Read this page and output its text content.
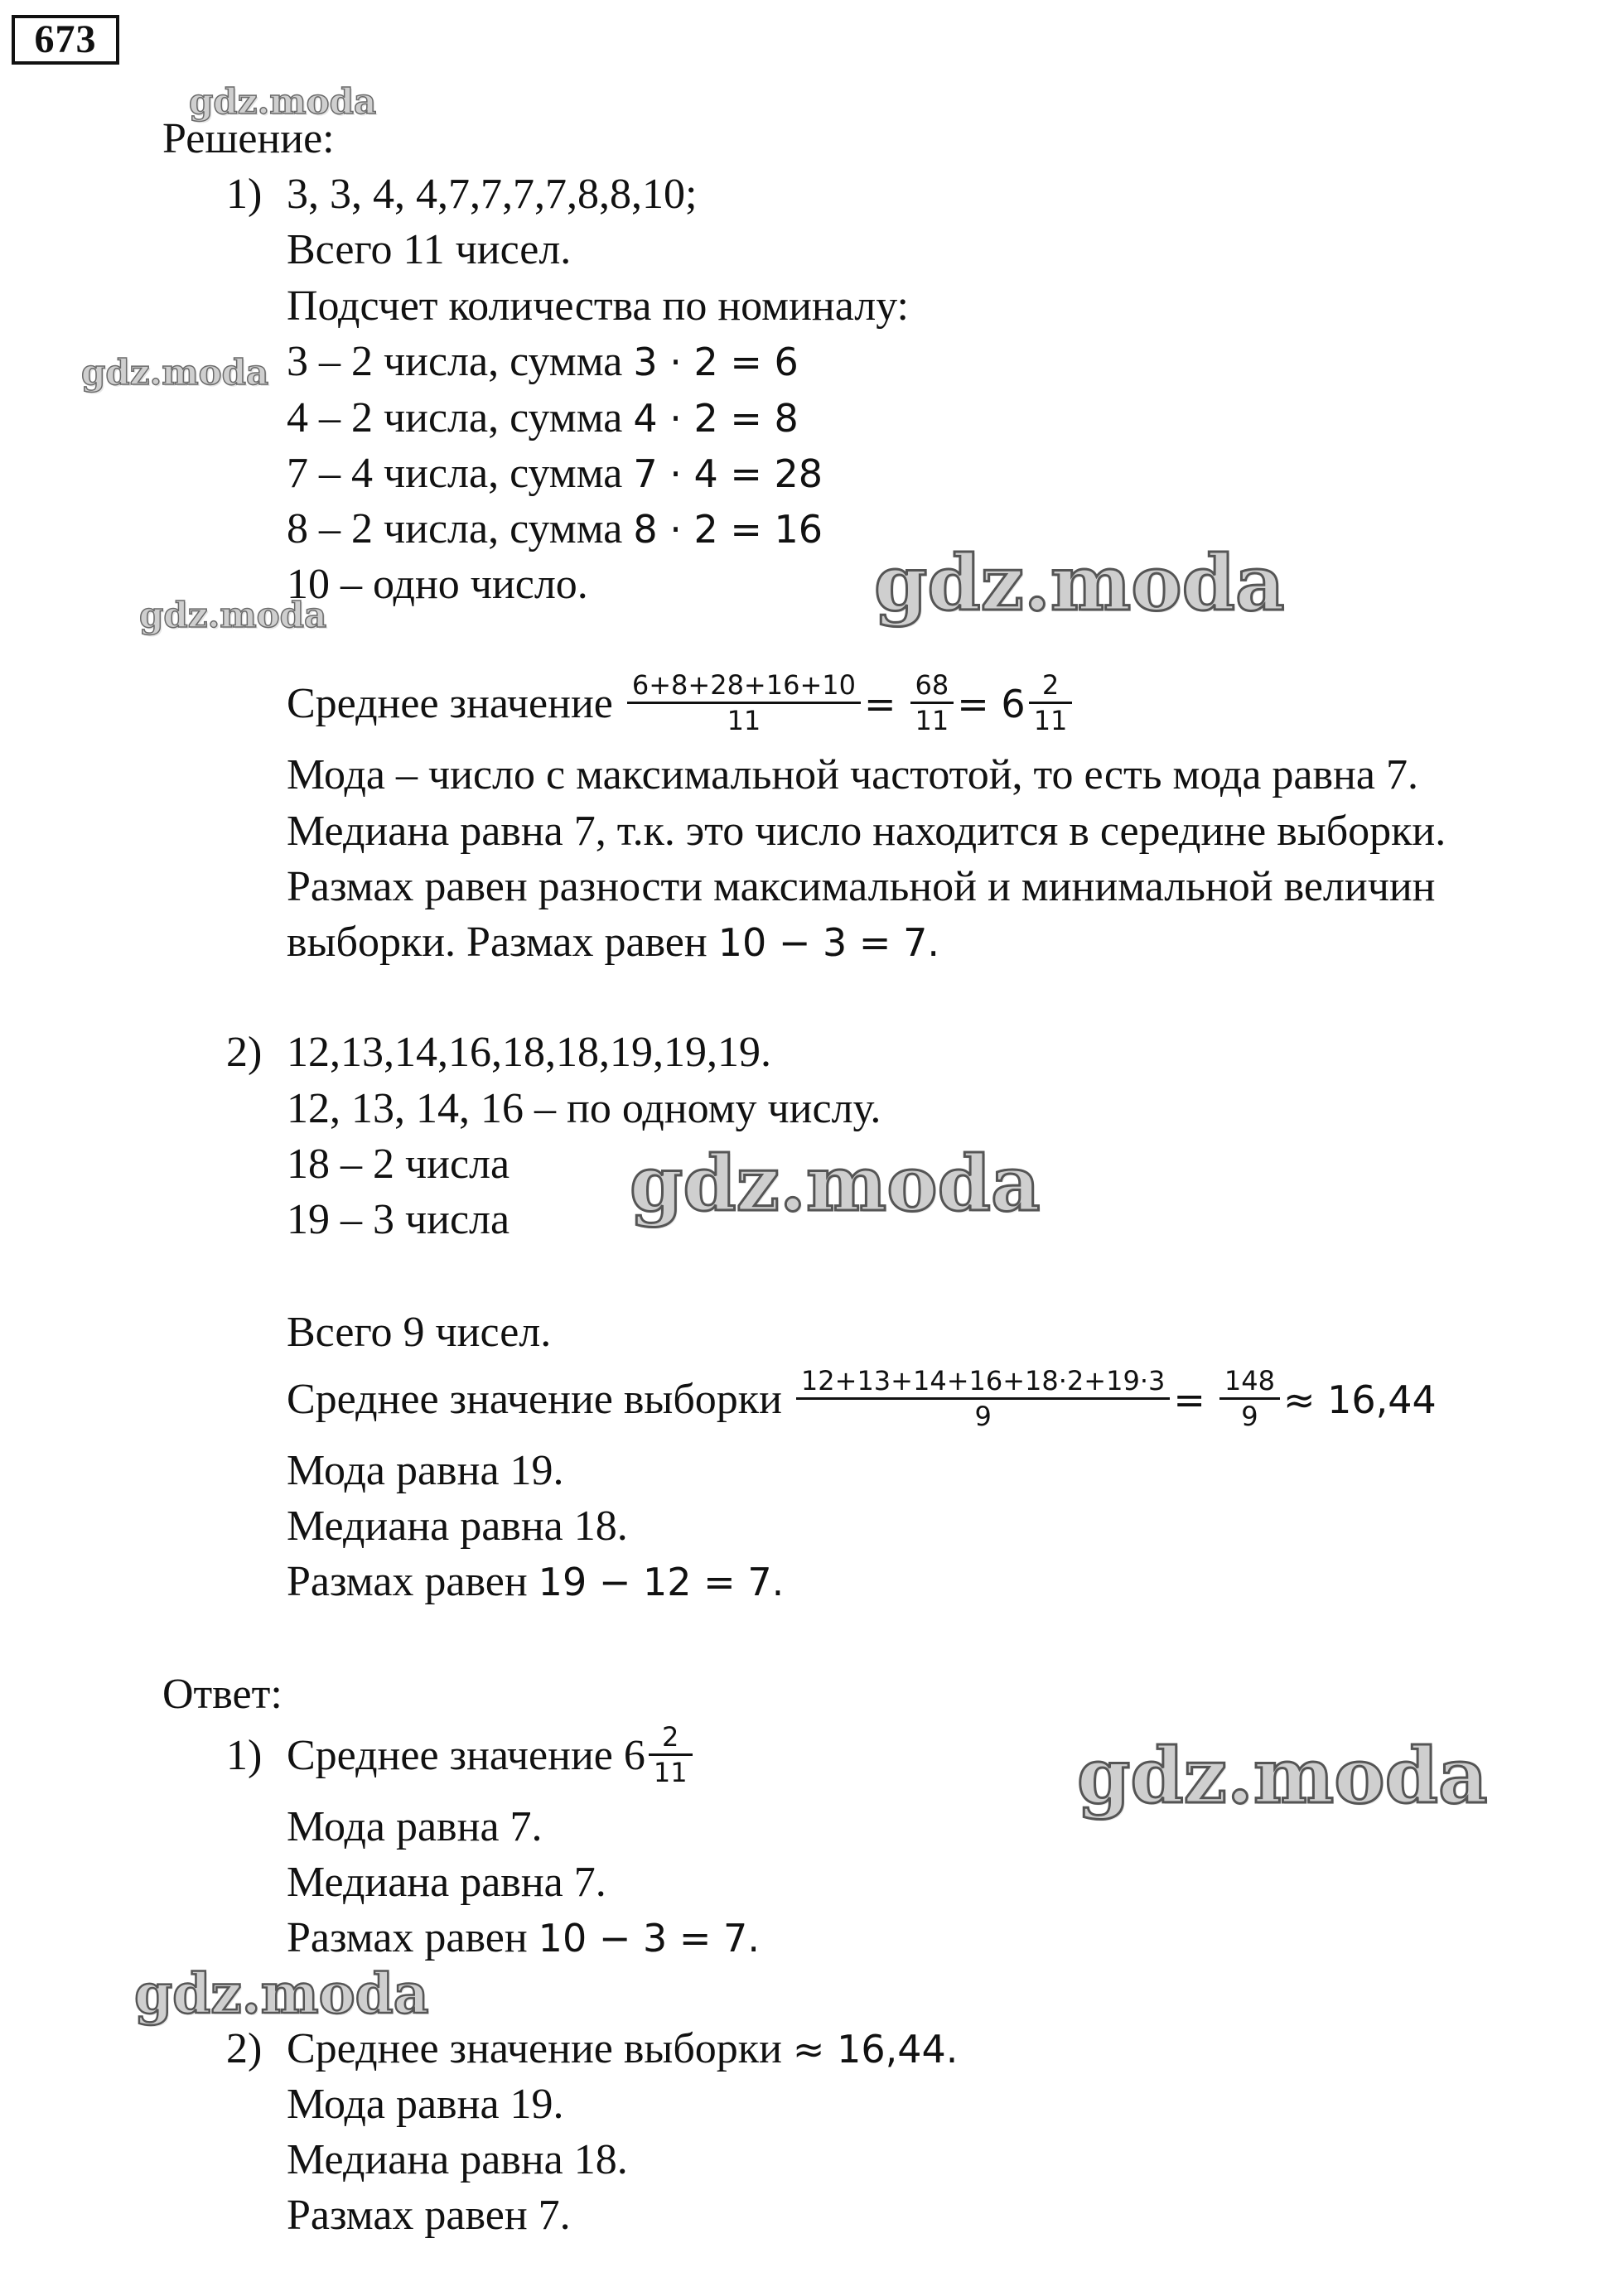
673
gdz.moda
gdz.moda
gdz.moda	gdz.moda
gdz.moda
gdz.moda
gdz.moda
Решение:
1) 3, 3, 4, 4,7,7,7,7,8,8,10;
Всего 11 чисел.
Подсчет количества по номиналу:
3 – 2 числа, сумма 3 · 2 = 6
4 – 2 числа, сумма 4 · 2 = 8
7 – 4 числа, сумма 7 · 4 = 28
8 – 2 числа, сумма 8 · 2 = 16
10 – одно число.
Среднее значение $\frac{6+8+28+16+10}{11} = \frac{68}{11} = 6 \frac{2}{11}$
Мода – число с максимальной частотой, то есть мода равна 7.
Медиана равна 7, т.к. это число находится в середине выборки.
Размах равен разности максимальной и минимальной величин
выборки. Размах равен 10 − 3 = 7.
2) 12,13,14,16,18,18,19,19,19.
12, 13, 14, 16 – по одному числу.
18 – 2 числа
19 – 3 числа
Всего 9 чисел.
Среднее значение выборки $\frac{12+13+14+16+18\cdot 2+19\cdot 3}{9} = \frac{148}{9} \approx 16,44$
Мода равна 19.
Медиана равна 18.
Размах равен 19 − 12 = 7.
Ответ:
1) Среднее значение $6 \frac{2}{11}$
Мода равна 7.
Медиана равна 7.
Размах равен 10 − 3 = 7.
2) Среднее значение выборки ≈ 16,44.
Мода равна 19.
Медиана равна 18.
Размах равен 7.
